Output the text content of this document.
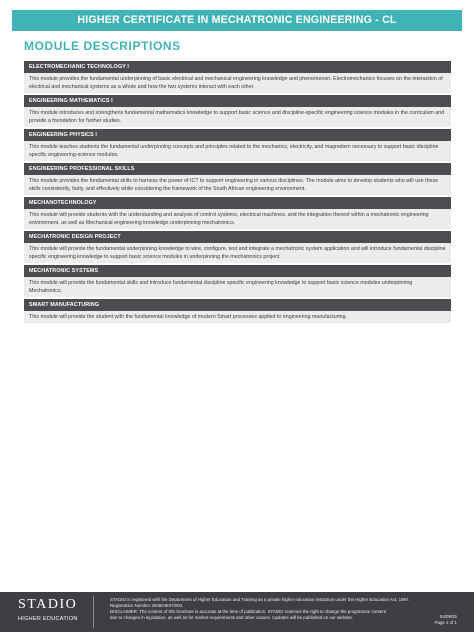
HIGHER CERTIFICATE IN MECHATRONIC ENGINEERING - CL
MODULE DESCRIPTIONS
ELECTROMECHANIC TECHNOLOGY I
This module provides the fundamental underpinning of basic electrical and mechanical engineering knowledge and phenomenon. Electromechanics focuses on the interaction of electrical and mechanical systems as a whole and how the two systems interact with each other.
ENGINEERING MATHEMATICS I
This module introduces and strengthens fundamental mathematics knowledge to support basic science and discipline-specific engineering science modules in the curriculum and provide a foundation for further studies.
ENGINEERING PHYSICS I
This module teaches students the fundamental underpinning concepts and principles related to the mechanics, electricity, and magnetism necessary to support basic discipline specific engineering-science modules.
ENGINEERING PROFESSIONAL SKILLS
This module provides the fundamental skills to harness the power of ICT to support engineering in various disciplines. The module aims to develop students who will use these skills consistently, fairly, and effectively while considering the framework of the South African engineering environment.
MECHANOTECHNOLOGY
This module will provide students with the understanding and analysis of control systems, electrical machines, and the integration thereof within a mechatronic engineering environment, as well as Mechanical engineering knowledge underpinning mechatronics.
MECHATRONIC DESIGN PROJECT
This module will provide the fundamental underpinning knowledge to wire, configure, test and integrate a mechatronic system application and will introduce fundamental discipline specific engineering knowledge to support basic science modules in underpinning the mechatronics project.
MECHATRONIC SYSTEMS
This module will provide the fundamental skills and introduce fundamental discipline specific engineering knowledge to support basic science modules underpinning Mechatronics.
SMART MANUFACTURING
This module will provide the student with the fundamental knowledge of modern Smart processes applied to engineering manufacturing.
STADIO
HIGHER EDUCATION
STADIO is registered with the Department of Higher Education and Training as a private higher education institution under the Higher Education Act, 1997.
Registration Number 2008/HE07/004.
DISCLAIMER: The content of this brochure is accurate at the time of publication. STADIO reserves the right to change the programme content
due to changes in legislation, as well as for market requirements and other causes. Updates will be published on our website.	04/09/25
Page 1 of 1
